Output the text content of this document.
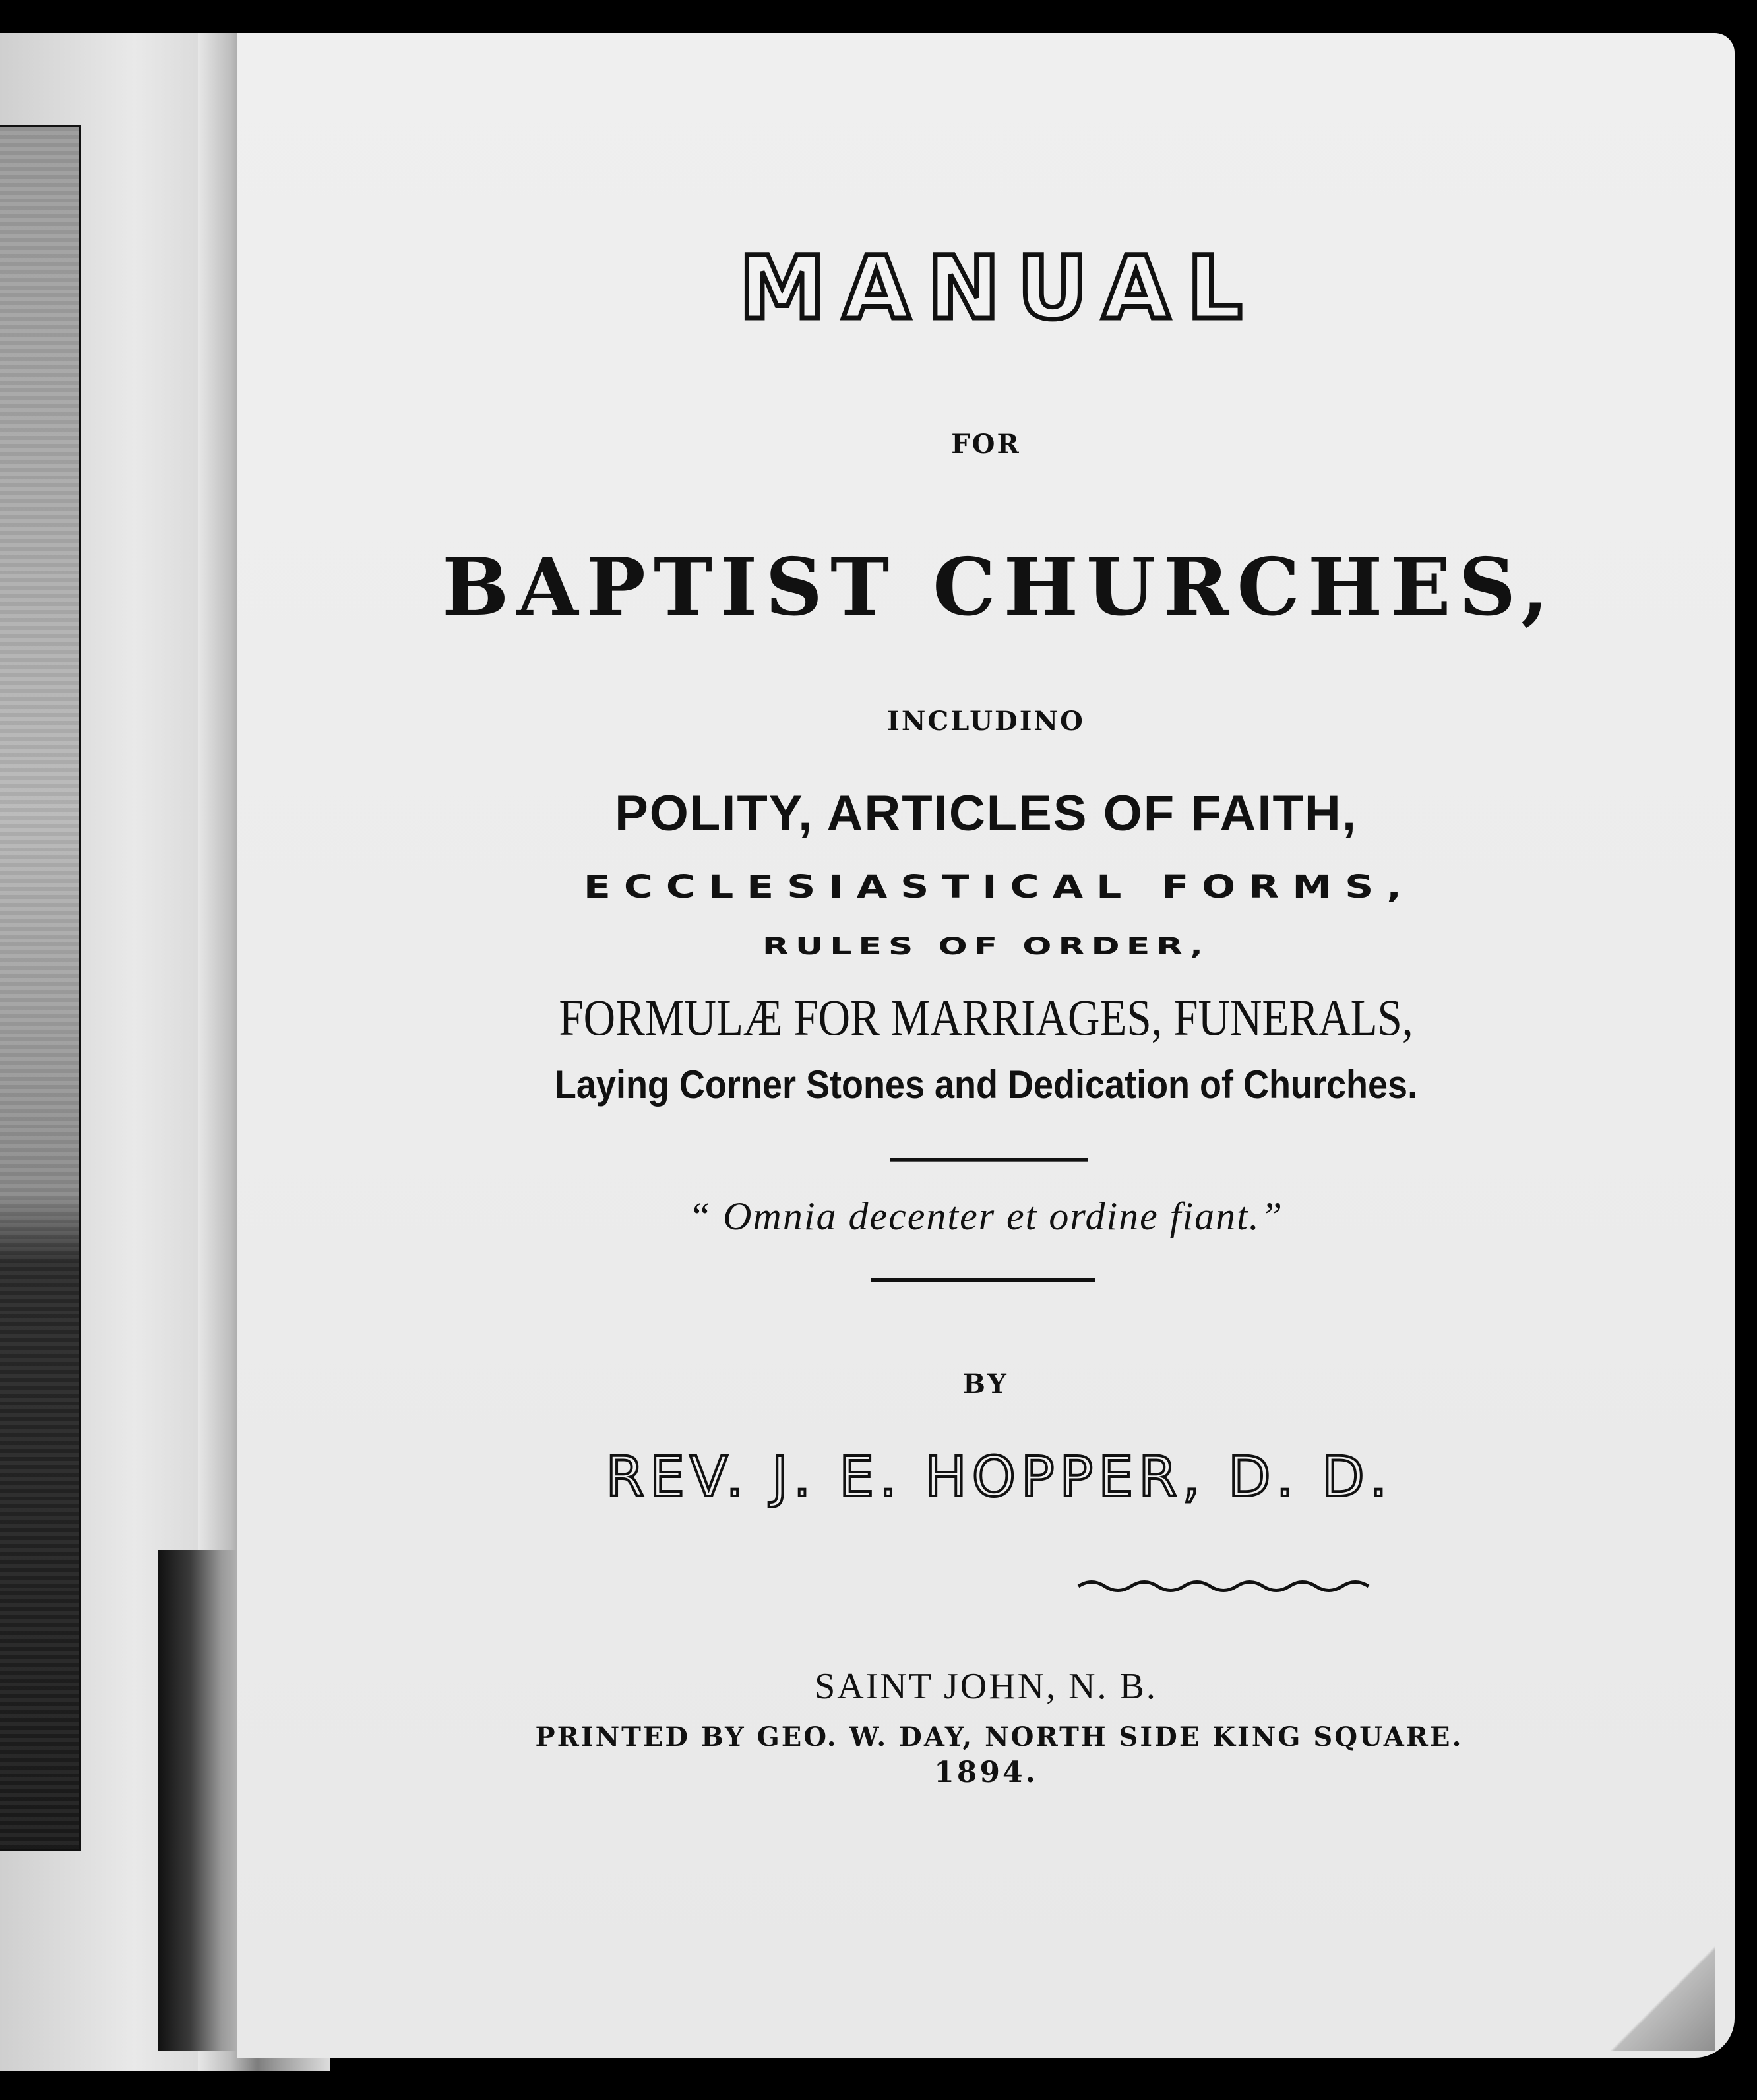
MANUAL
FOR
BAPTIST CHURCHES,
INCLUDINO
POLITY, ARTICLES OF FAITH,
ECCLESIASTICAL FORMS,
RULES OF ORDER,
FORMULÆ FOR MARRIAGES, FUNERALS,
Laying Corner Stones and Dedication of Churches.
“ Omnia decenter et ordine fiant.”
BY
REV. J. E. HOPPER, D. D.
SAINT JOHN, N. B.
PRINTED BY GEO. W. DAY, NORTH SIDE KING SQUARE.
1894.
